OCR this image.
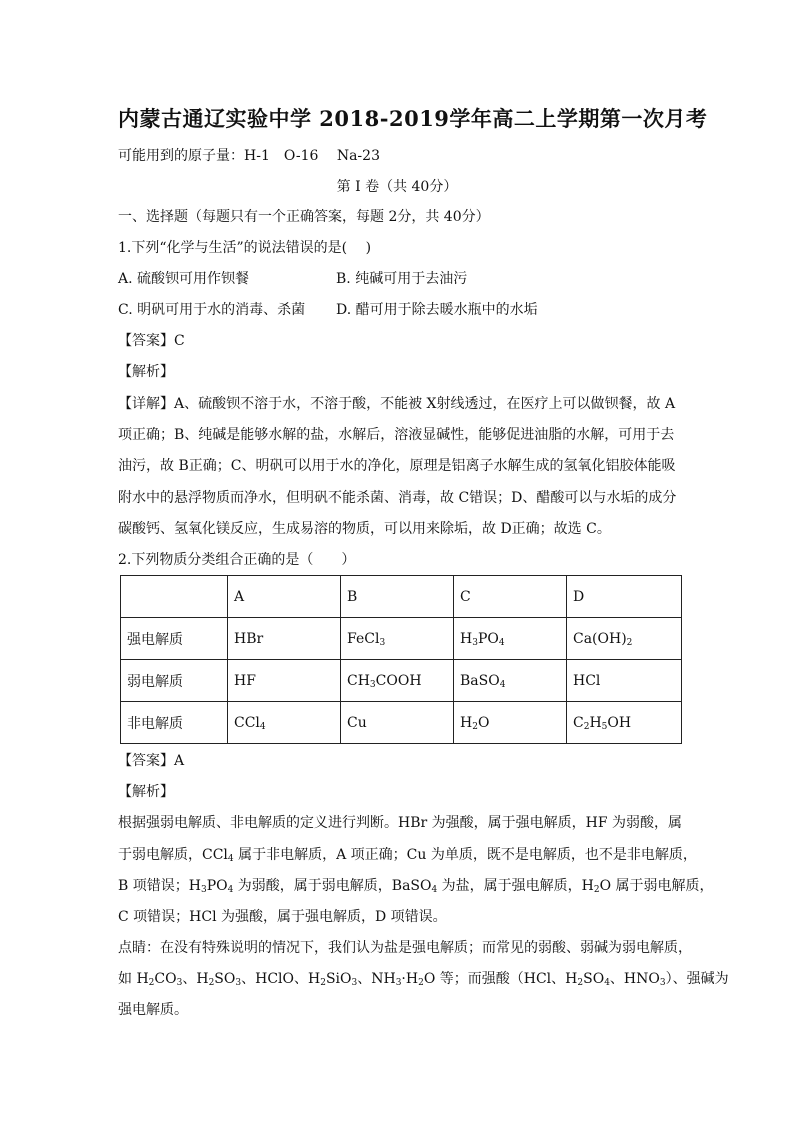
内蒙古通辽实验中学 2018-2019学年高二上学期第一次月考
可能用到的原子量：H-1　O-16　 Na-23
第 I 卷（共 40分）
一、选择题（每题只有一个正确答案，每题 2分，共 40分）
1.下列“化学与生活”的说法错误的是(　 )
A. 硫酸钡可用作钡餐	B. 纯碱可用于去油污
C. 明矾可用于水的消毒、杀菌 D. 醋可用于除去暖水瓶中的水垢
【答案】C
【解析】
【详解】A、硫酸钡不溶于水，不溶于酸，不能被 X射线透过，在医疗上可以做钡餐，故 A
项正确；B、纯碱是能够水解的盐，水解后，溶液显碱性，能够促进油脂的水解，可用于去
油污，故 B正确；C、明矾可以用于水的净化，原理是铝离子水解生成的氢氧化铝胶体能吸
附水中的悬浮物质而净水，但明矾不能杀菌、消毒，故 C错误；D、醋酸可以与水垢的成分
碳酸钙、氢氧化镁反应，生成易溶的物质，可以用来除垢，故 D正确；故选 C。
2.下列物质分类组合正确的是（　　）
	A	B	C	D
强电解质	HBr	FeCl$_3$	$H_3PO_4$	$Ca(OH)_2$
弱电解质	HF	$CH_3COOH$	BaSO$_4$	HCl
非电解质	CCl$_4$	Cu	$H_2O$	$C_2H_5OH$
【答案】A
【解析】
根据强弱电解质、非电解质的定义进行判断。HBr 为强酸，属于强电解质，HF 为弱酸，属
于弱电解质，CCl$_4$ 属于非电解质，A 项正确；Cu 为单质，既不是电解质，也不是非电解质，
B 项错误；$H_3PO_4$ 为弱酸，属于弱电解质，BaSO$_4$ 为盐，属于强电解质，$H_2O$ 属于弱电解质，
C 项错误；HCl 为强酸，属于强电解质，D 项错误。
点睛：在没有特殊说明的情况下，我们认为盐是强电解质；而常见的弱酸、弱碱为弱电解质，
如 $H_2CO_3$、$H_2SO_3$、HClO、$H_2SiO_3$、$NH_3\cdot H_2O$ 等；而强酸（HCl、$H_2SO_4$、$HNO_3$）、强碱为
强电解质。
